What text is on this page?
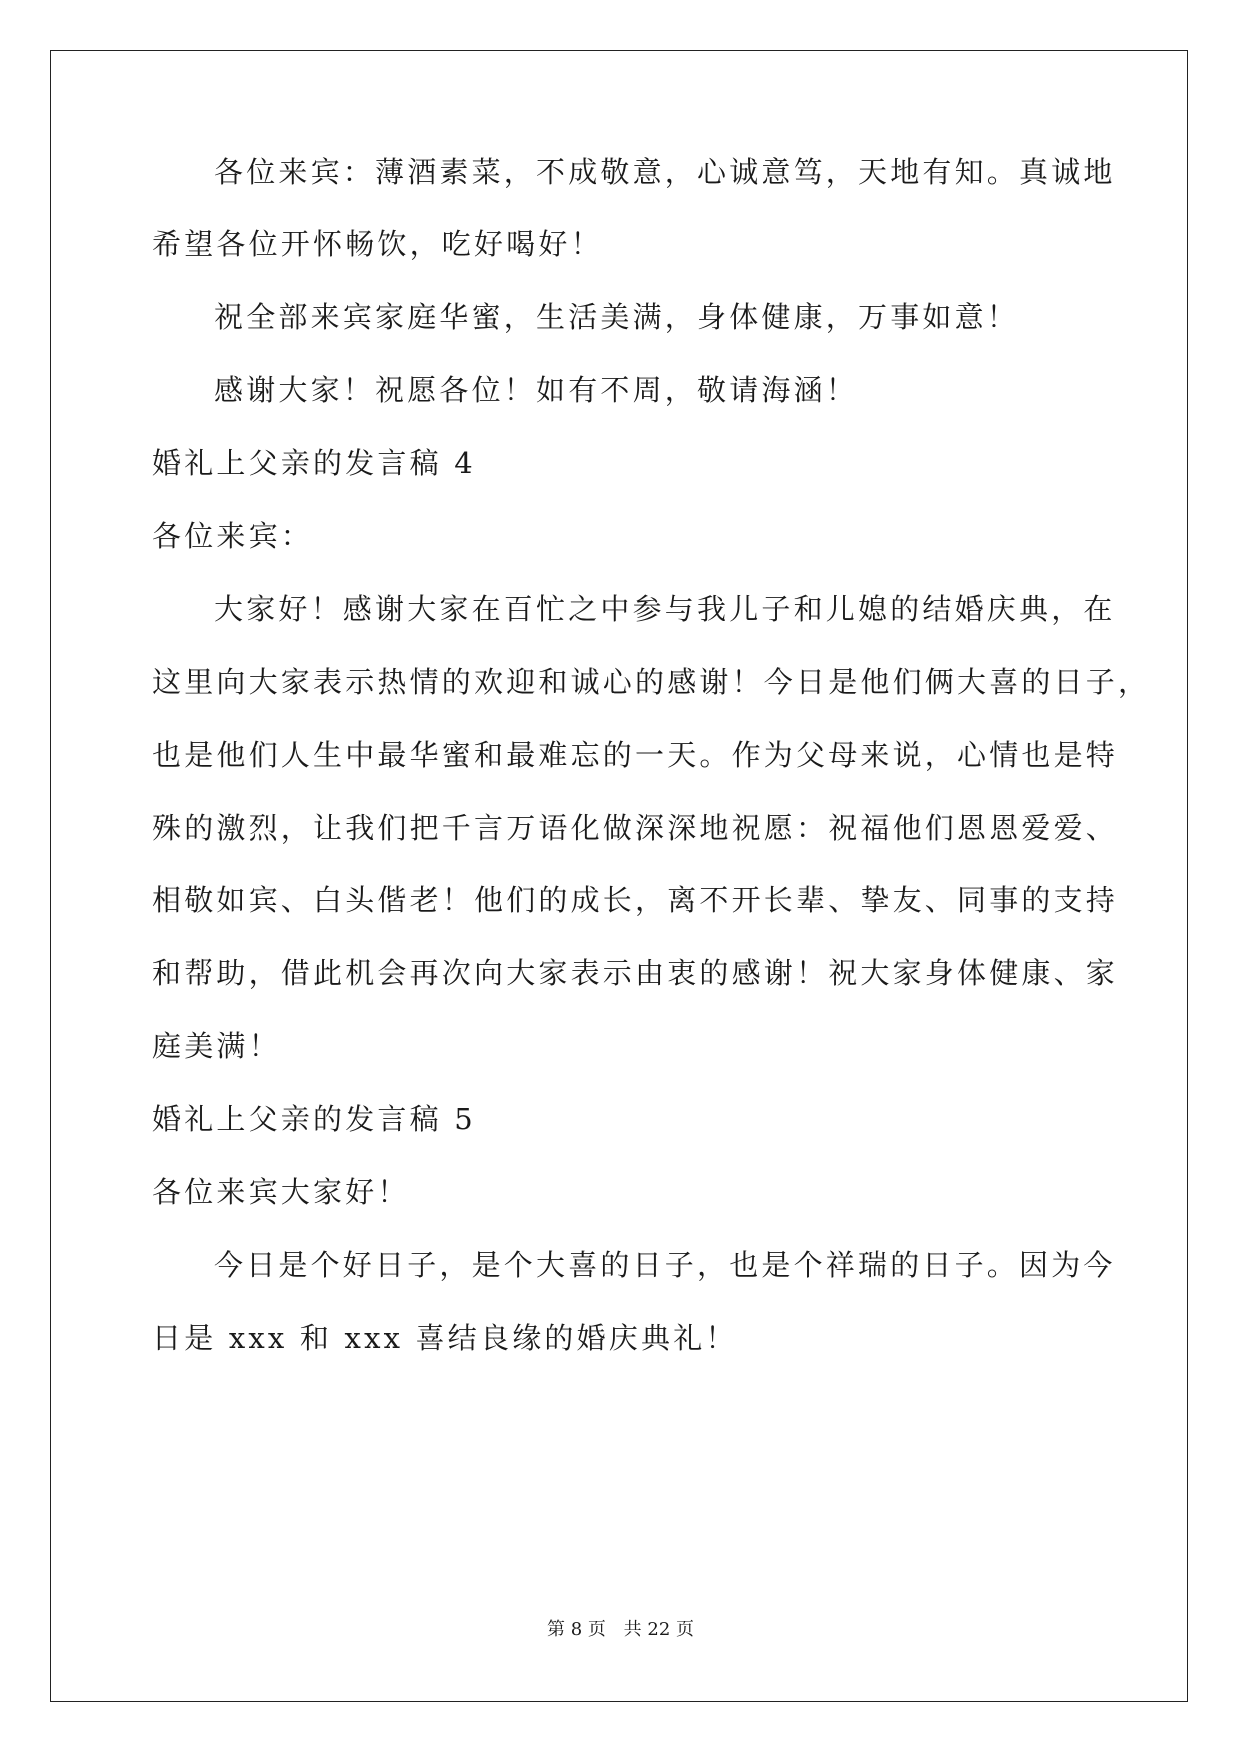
各位来宾：薄酒素菜，不成敬意，心诚意笃，天地有知。真诚地
希望各位开怀畅饮，吃好喝好！
祝全部来宾家庭华蜜，生活美满，身体健康，万事如意！
感谢大家！祝愿各位！如有不周，敬请海涵！
婚礼上父亲的发言稿 4
各位来宾：
大家好！感谢大家在百忙之中参与我儿子和儿媳的结婚庆典，在
这里向大家表示热情的欢迎和诚心的感谢！今日是他们俩大喜的日子，
也是他们人生中最华蜜和最难忘的一天。作为父母来说，心情也是特
殊的激烈，让我们把千言万语化做深深地祝愿：祝福他们恩恩爱爱、
相敬如宾、白头偕老！他们的成长，离不开长辈、挚友、同事的支持
和帮助，借此机会再次向大家表示由衷的感谢！祝大家身体健康、家
庭美满！
婚礼上父亲的发言稿 5
各位来宾大家好！
今日是个好日子，是个大喜的日子，也是个祥瑞的日子。因为今
日是 xxx 和 xxx 喜结良缘的婚庆典礼！
第 8 页 共 22 页
